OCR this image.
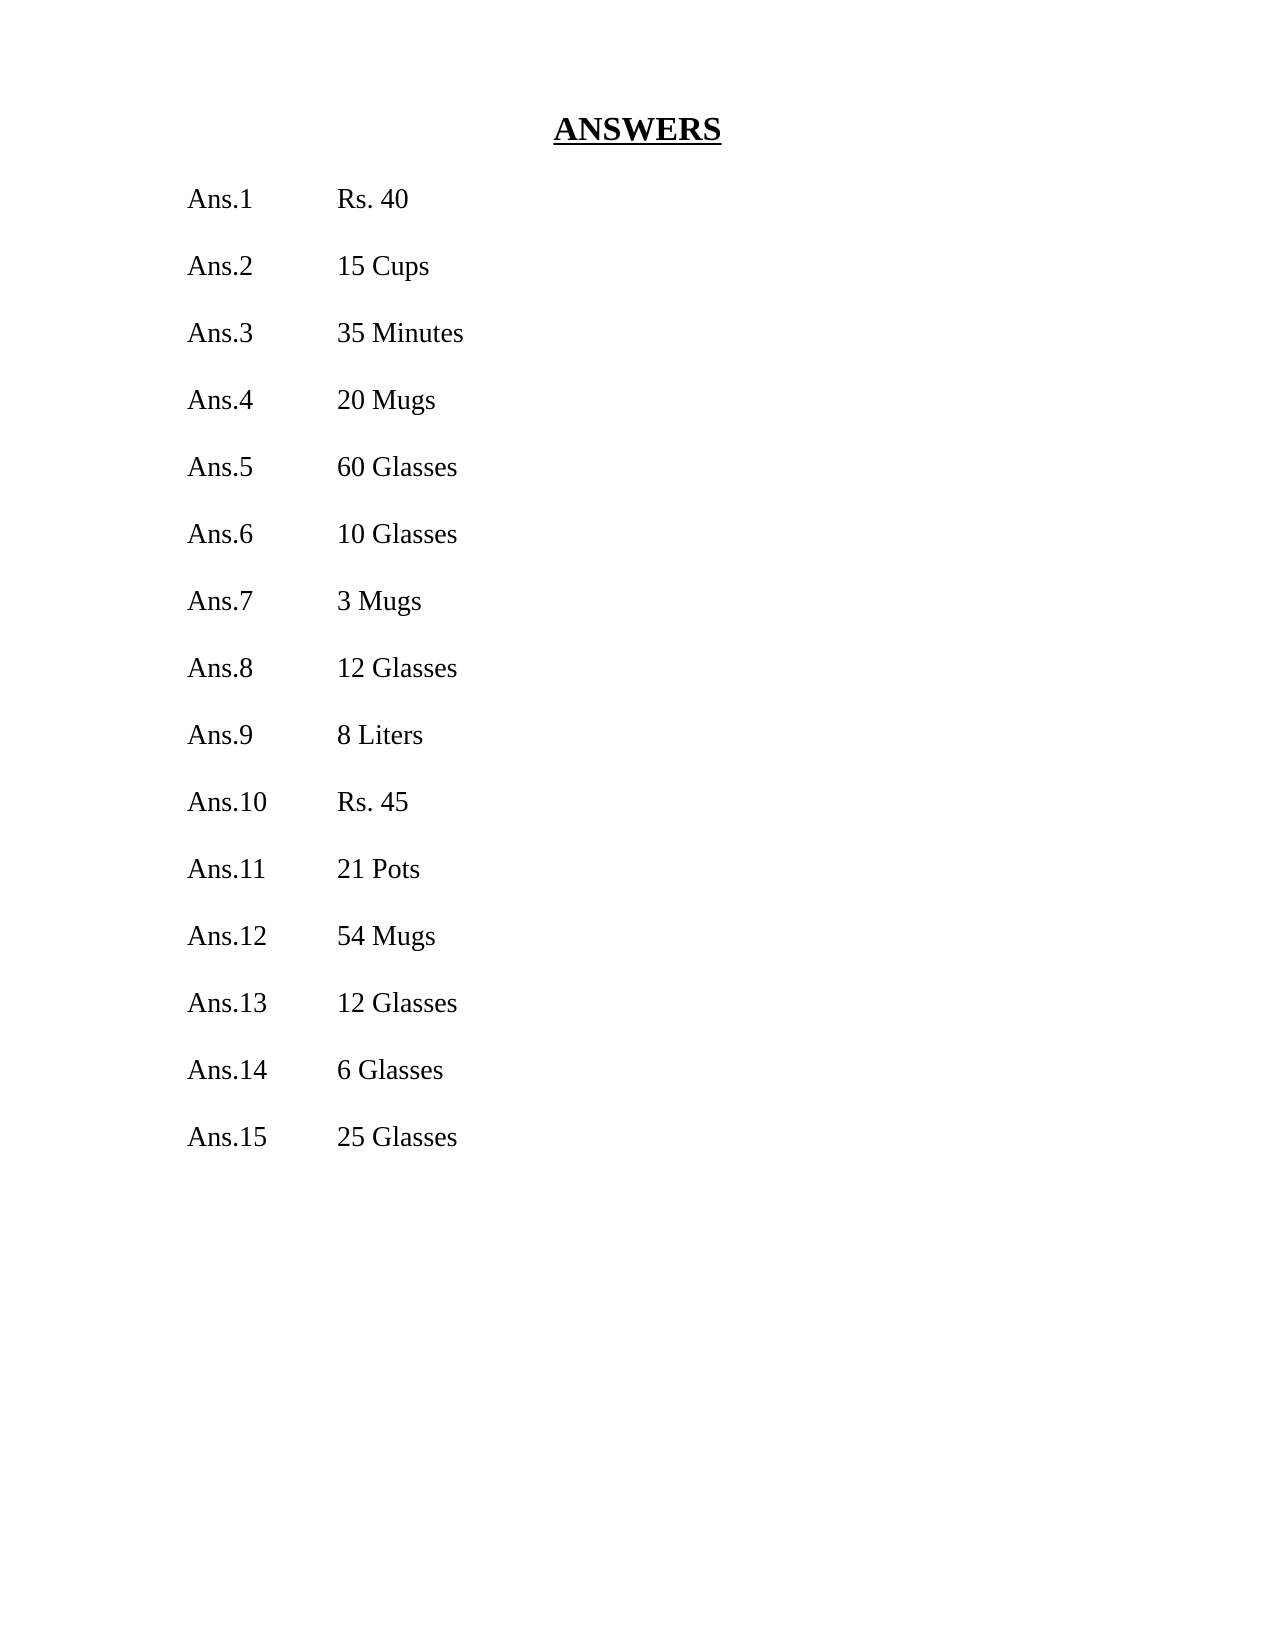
ANSWERS
Ans.1	Rs. 40
Ans.2	15 Cups
Ans.3	35 Minutes
Ans.4	20 Mugs
Ans.5	60 Glasses
Ans.6	10 Glasses
Ans.7	3 Mugs
Ans.8	12 Glasses
Ans.9	8 Liters
Ans.10	Rs. 45
Ans.11	21 Pots
Ans.12	54 Mugs
Ans.13	12 Glasses
Ans.14	6 Glasses
Ans.15	25 Glasses
